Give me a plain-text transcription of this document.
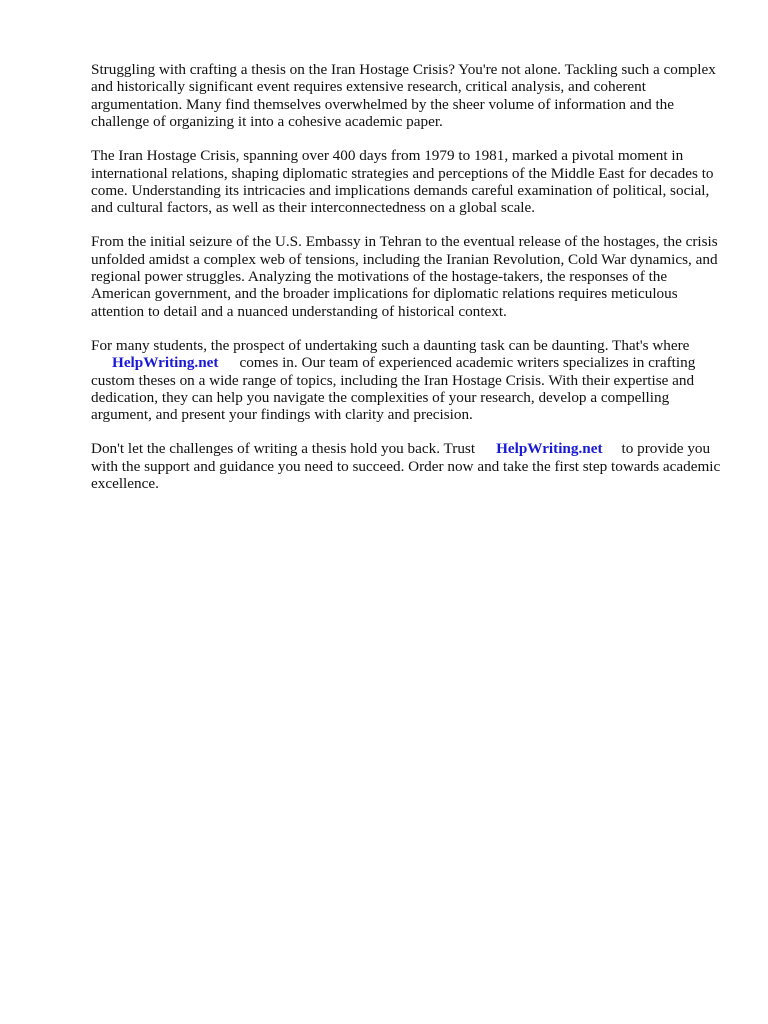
Struggling with crafting a thesis on the Iran Hostage Crisis? You're not alone. Tackling such a complex and historically significant event requires extensive research, critical analysis, and coherent argumentation. Many find themselves overwhelmed by the sheer volume of information and the challenge of organizing it into a cohesive academic paper.

The Iran Hostage Crisis, spanning over 400 days from 1979 to 1981, marked a pivotal moment in international relations, shaping diplomatic strategies and perceptions of the Middle East for decades to come. Understanding its intricacies and implications demands careful examination of political, social, and cultural factors, as well as their interconnectedness on a global scale.

From the initial seizure of the U.S. Embassy in Tehran to the eventual release of the hostages, the crisis unfolded amidst a complex web of tensions, including the Iranian Revolution, Cold War dynamics, and regional power struggles. Analyzing the motivations of the hostage-takers, the responses of the American government, and the broader implications for diplomatic relations requires meticulous attention to detail and a nuanced understanding of historical context.

For many students, the prospect of undertaking such a daunting task can be daunting. That's where
HelpWriting.net comes in. Our team of experienced academic writers specializes in crafting custom theses on a wide range of topics, including the Iran Hostage Crisis. With their expertise and dedication, they can help you navigate the complexities of your research, develop a compelling argument, and present your findings with clarity and precision.

Don't let the challenges of writing a thesis hold you back. Trust HelpWriting.net to provide you with the support and guidance you need to succeed. Order now and take the first step towards academic excellence.
